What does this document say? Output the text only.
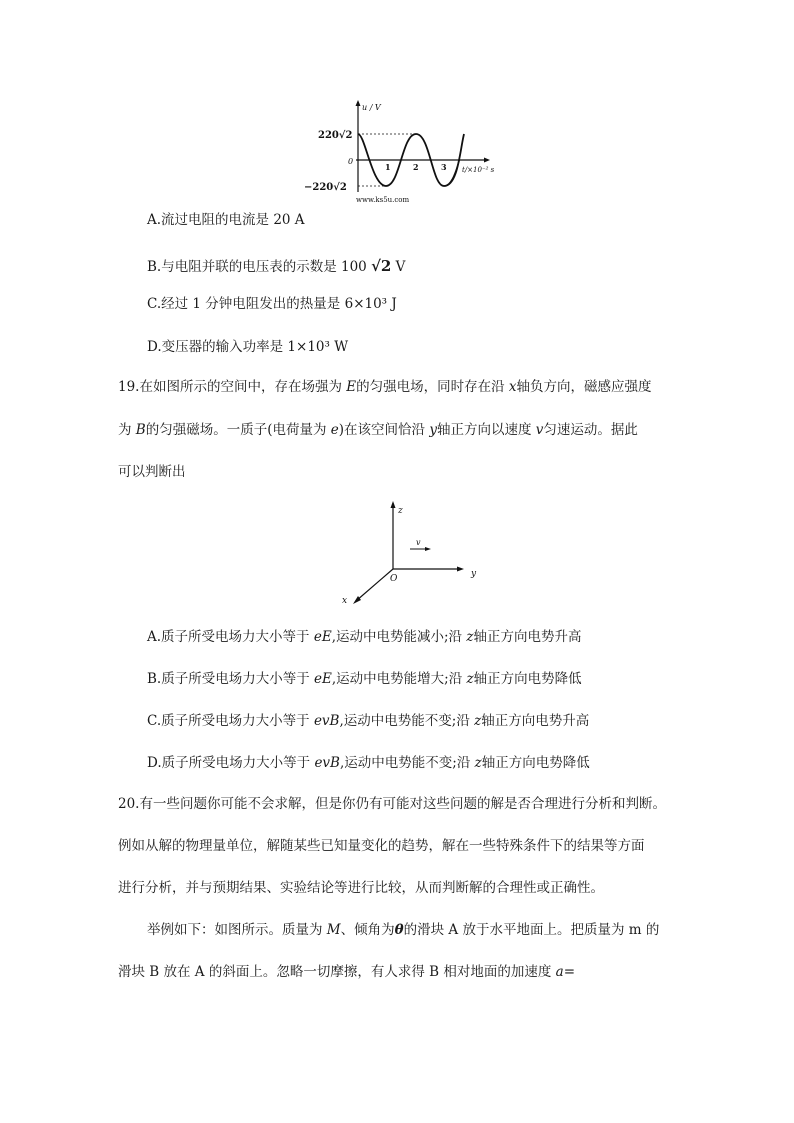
u / V
220√2
0
−220√2
1	2	3 t/×10⁻² s
www.ks5u.com
A.流过电阻的电流是 20 A
B.与电阻并联的电压表的示数是 100 √2 V
C.经过 1 分钟电阻发出的热量是 6×10³ J
D.变压器的输入功率是 1×10³ W
19.在如图所示的空间中，存在场强为 E的匀强电场，同时存在沿 x轴负方向，磁感应强度
为 B的匀强磁场。一质子(电荷量为 e)在该空间恰沿 y轴正方向以速度 v匀速运动。据此
可以判断出
z
y
x
O
v
A.质子所受电场力大小等于 eE,运动中电势能减小;沿 z轴正方向电势升高
B.质子所受电场力大小等于 eE,运动中电势能增大;沿 z轴正方向电势降低
C.质子所受电场力大小等于 evB,运动中电势能不变;沿 z轴正方向电势升高
D.质子所受电场力大小等于 evB,运动中电势能不变;沿 z轴正方向电势降低
20.有一些问题你可能不会求解，但是你仍有可能对这些问题的解是否合理进行分析和判断。
例如从解的物理量单位，解随某些已知量变化的趋势，解在一些特殊条件下的结果等方面
进行分析，并与预期结果、实验结论等进行比较，从而判断解的合理性或正确性。
举例如下：如图所示。质量为 M、倾角为θ的滑块 A 放于水平地面上。把质量为 m 的
滑块 B 放在 A 的斜面上。忽略一切摩擦，有人求得 B 相对地面的加速度 a=
